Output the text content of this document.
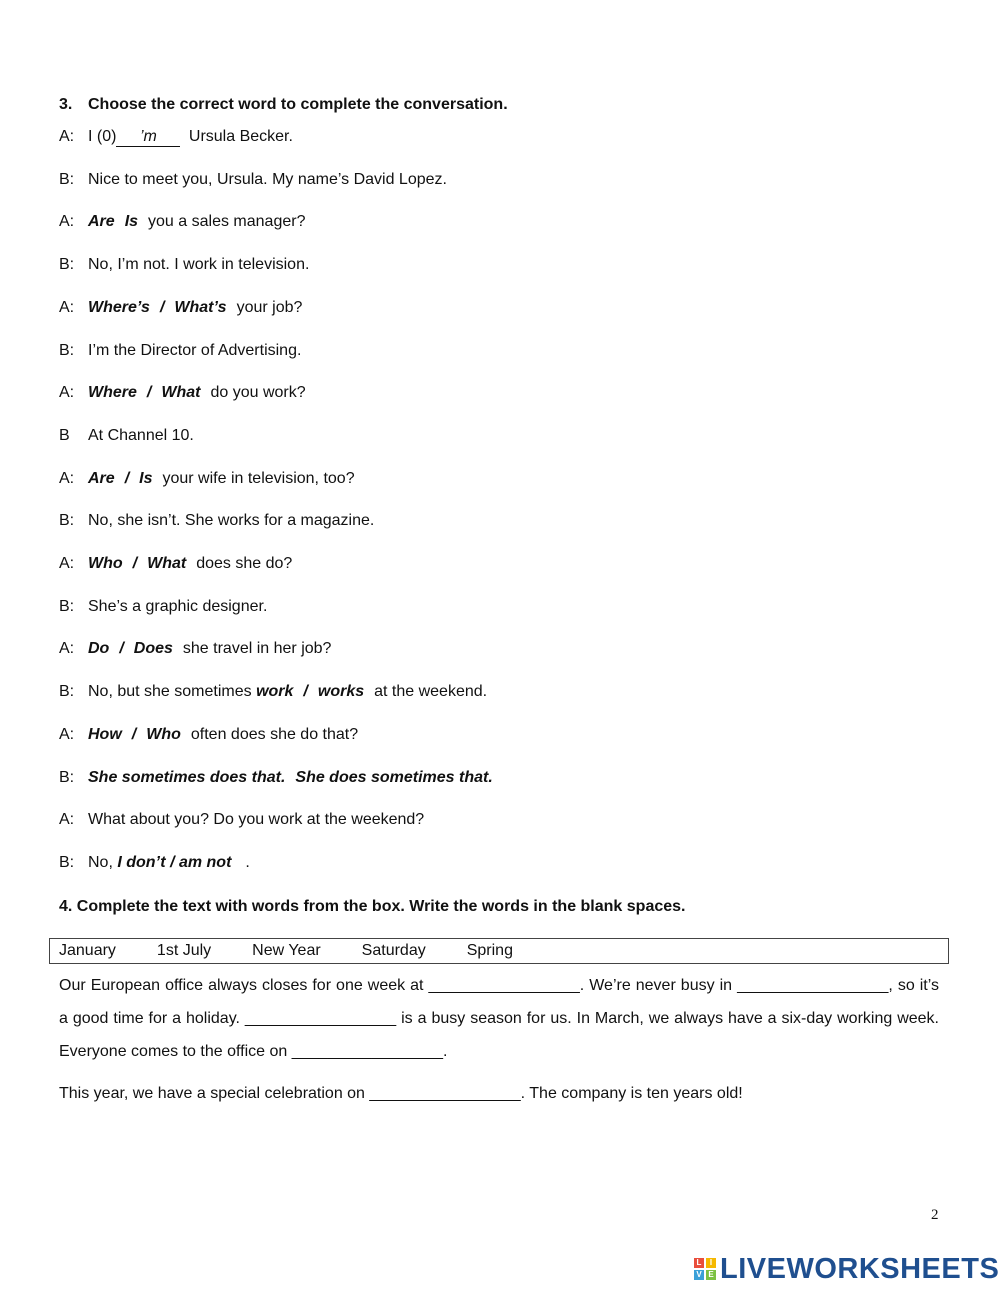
3. Choose the correct word to complete the conversation.
A: I (0) ’m Ursula Becker.
B: Nice to meet you, Ursula. My name’s David Lopez.
A: Are Is you a sales manager?
B: No, I’m not. I work in television.
A: Where’s / What’s your job?
B: I’m the Director of Advertising.
A: Where / What do you work?
B At Channel 10.
A: Are / Is your wife in television, too?
B: No, she isn’t. She works for a magazine.
A: Who / What does she do?
B: She’s a graphic designer.
A: Do / Does she travel in her job?
B: No, but she sometimes work / works at the weekend.
A: How / Who often does she do that?
B: She sometimes does that. She does sometimes that.
A: What about you? Do you work at the weekend?
B: No, I don’t / am not .
4. Complete the text with words from the box. Write the words in the blank spaces.
January	1st July	New Year	Saturday	Spring
Our European office always closes for one week at _________________. We’re never busy in _________________, so it’s a good time for a holiday. _________________ is a busy season for us. In March, we always have a six-day working week. Everyone comes to the office on _________________.
This year, we have a special celebration on _________________. The company is ten years old!
2
L	I
V E LIVEWORKSHEETS
